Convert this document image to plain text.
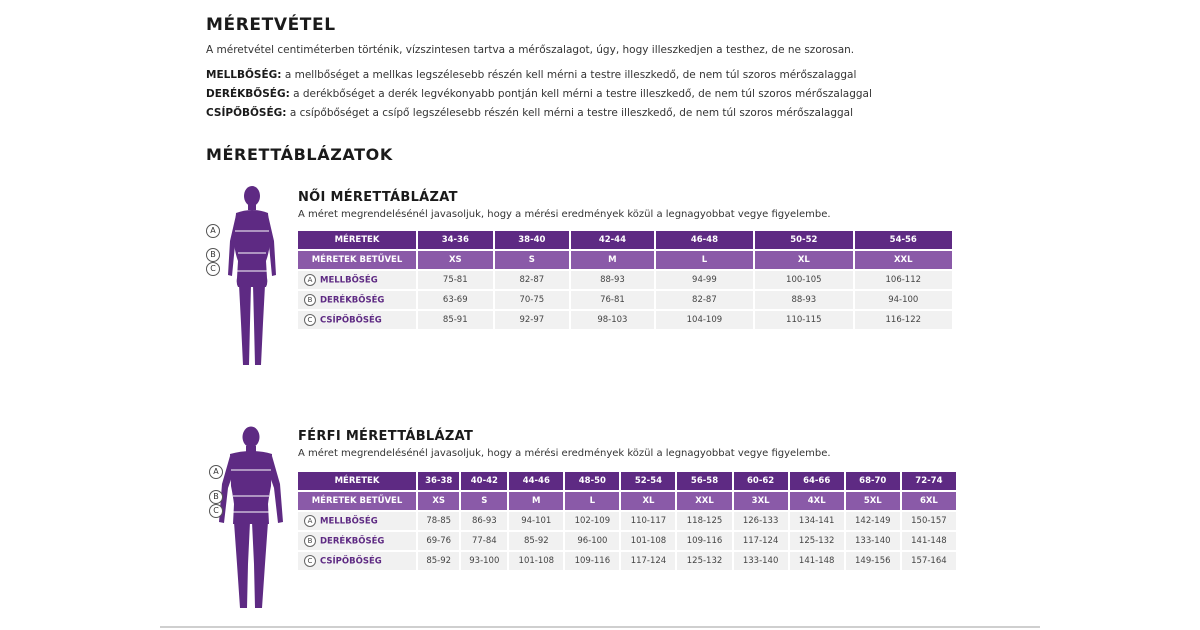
MÉRETVÉTEL
A méretvétel centiméterben történik, vízszintesen tartva a mérőszalagot, úgy, hogy illeszkedjen a testhez, de ne szorosan.
MELLBŐSÉG: a mellbőséget a mellkas legszélesebb részén kell mérni a testre illeszkedő, de nem túl szoros mérőszalaggal
DERÉKBŐSÉG: a derékbőséget a derék legvékonyabb pontján kell mérni a testre illeszkedő, de nem túl szoros mérőszalaggal
CSÍPŐBŐSÉG: a csípőbőséget a csípő legszélesebb részén kell mérni a testre illeszkedő, de nem túl szoros mérőszalaggal
MÉRETTÁBLÁZATOK
A
B
C
NŐI MÉRETTÁBLÁZAT
A méret megrendelésénél javasoljuk, hogy a mérési eredmények közül a legnagyobbat vegye figyelembe.
MÉRETEK	34-36	38-40	42-44	46-48	50-52	54-56
MÉRETEK BETŰVEL	XS	S	M	L	XL	XXL
A MELLBŐSÉG	75-81	82-87	88-93	94-99	100-105	106-112
B DERÉKBŐSÉG	63-69	70-75	76-81	82-87	88-93	94-100
C CSÍPŐBŐSÉG	85-91	92-97	98-103	104-109	110-115	116-122
A
B
C
FÉRFI MÉRETTÁBLÁZAT
A méret megrendelésénél javasoljuk, hogy a mérési eredmények közül a legnagyobbat vegye figyelembe.
MÉRETEK	36-38	40-42	44-46	48-50	52-54	56-58	60-62	64-66	68-70	72-74
MÉRETEK BETŰVEL	XS	S	M	L	XL	XXL	3XL	4XL	5XL	6XL
A MELLBŐSÉG	78-85	86-93	94-101	102-109	110-117	118-125	126-133	134-141	142-149	150-157
B DERÉKBŐSÉG	69-76	77-84	85-92	96-100	101-108	109-116	117-124	125-132	133-140	141-148
C CSÍPŐBŐSÉG	85-92	93-100	101-108	109-116	117-124	125-132	133-140	141-148	149-156	157-164
